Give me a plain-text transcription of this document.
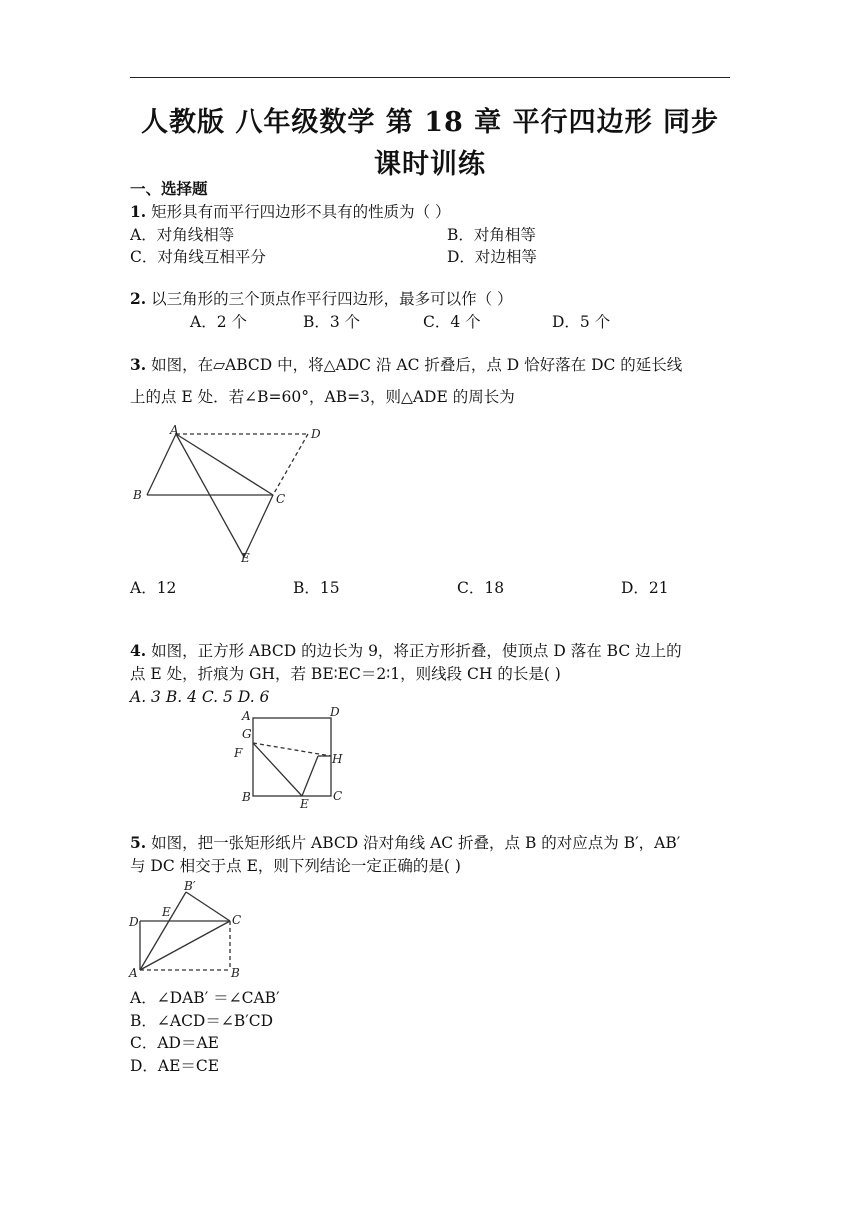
人教版 八年级数学 第 18 章 平行四边形 同步
课时训练
一、选择题
1. 矩形具有而平行四边形不具有的性质为（ ）
A．对角线相等	B．对角相等
C．对角线互相平分	D．对边相等
2. 以三角形的三个顶点作平行四边形，最多可以作（ ）
A．2 个	B．3 个	C．4 个	D．5 个
3. 如图，在▱ABCD 中，将△ADC 沿 AC 折叠后，点 D 恰好落在 DC 的延长线
上的点 E 处．若∠B=60°，AB=3，则△ADE 的周长为
A	D
B	C
E
A．12	B．15	C．18	D．21
4. 如图，正方形 ABCD 的边长为 9，将正方形折叠，使顶点 D 落在 BC 边上的
点 E 处，折痕为 GH，若 BE∶EC＝2∶1，则线段 CH 的长是( )
A. 3 B. 4 C. 5 D. 6
A	D
G
F	H
B	E
C
5. 如图，把一张矩形纸片 ABCD 沿对角线 AC 折叠，点 B 的对应点为 B′，AB′
与 DC 相交于点 E，则下列结论一定正确的是( )
B′
E
D	C
A	B
A．∠DAB′ ＝∠CAB′
B．∠ACD＝∠B′CD
C．AD＝AE
D．AE＝CE
